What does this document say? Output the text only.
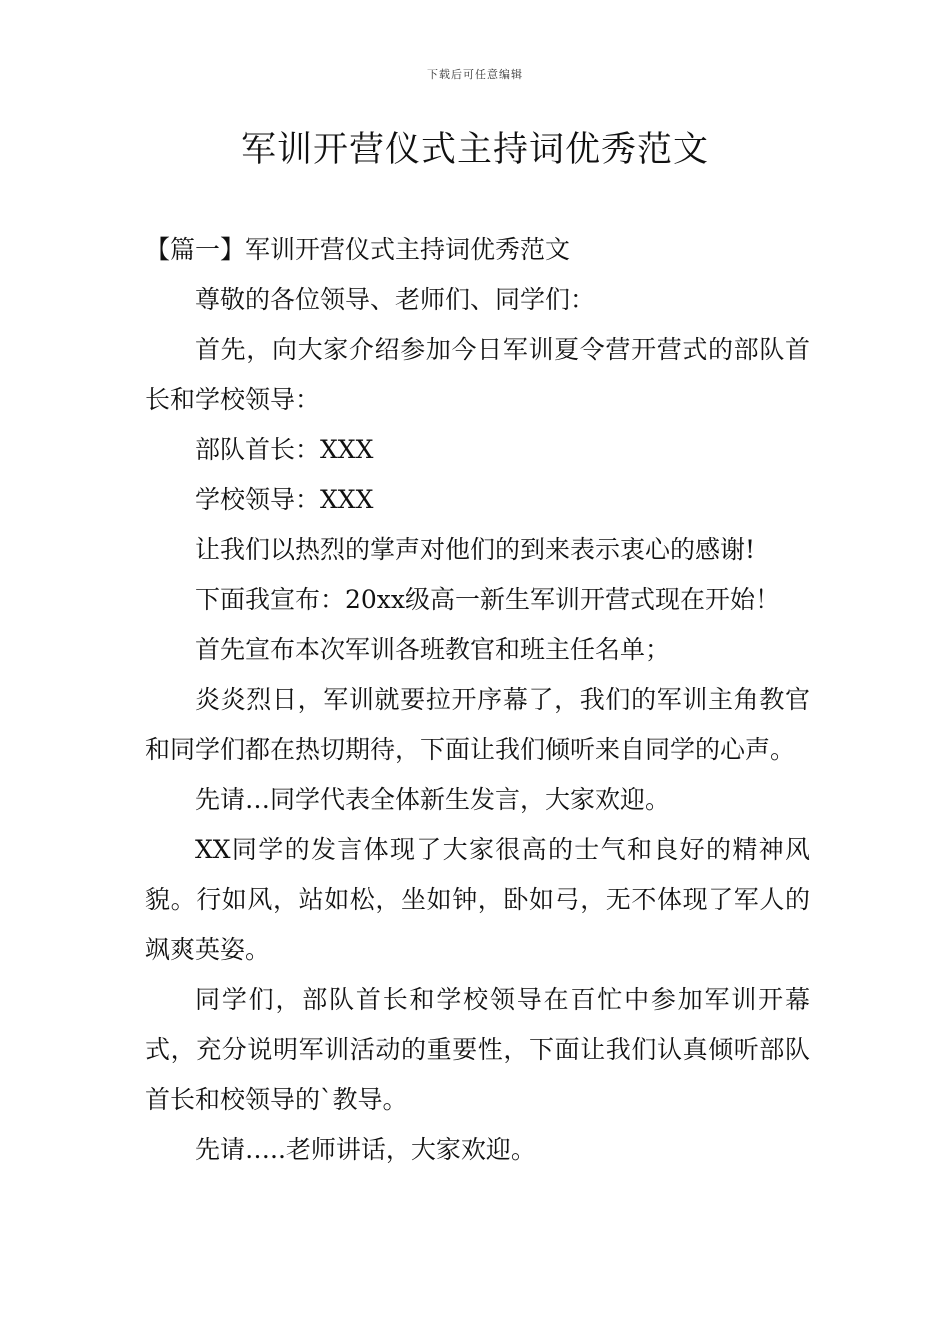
下载后可任意编辑
军训开营仪式主持词优秀范文

【篇一】军训开营仪式主持词优秀范文

尊敬的各位领导、老师们、同学们：

首先，向大家介绍参加今日军训夏令营开营式的部队首长和学校领导：

部队首长：XXX

学校领导：XXX

让我们以热烈的掌声对他们的到来表示衷心的感谢!

下面我宣布：20xx级高一新生军训开营式现在开始！

首先宣布本次军训各班教官和班主任名单；

炎炎烈日，军训就要拉开序幕了，我们的军训主角教官和同学们都在热切期待，下面让我们倾听来自同学的心声。

先请…同学代表全体新生发言，大家欢迎。

XX同学的发言体现了大家很高的士气和良好的精神风貌。行如风，站如松，坐如钟，卧如弓，无不体现了军人的飒爽英姿。

同学们，部队首长和学校领导在百忙中参加军训开幕式，充分说明军训活动的重要性，下面让我们认真倾听部队首长和校领导的`教导。

先请…..老师讲话，大家欢迎。
